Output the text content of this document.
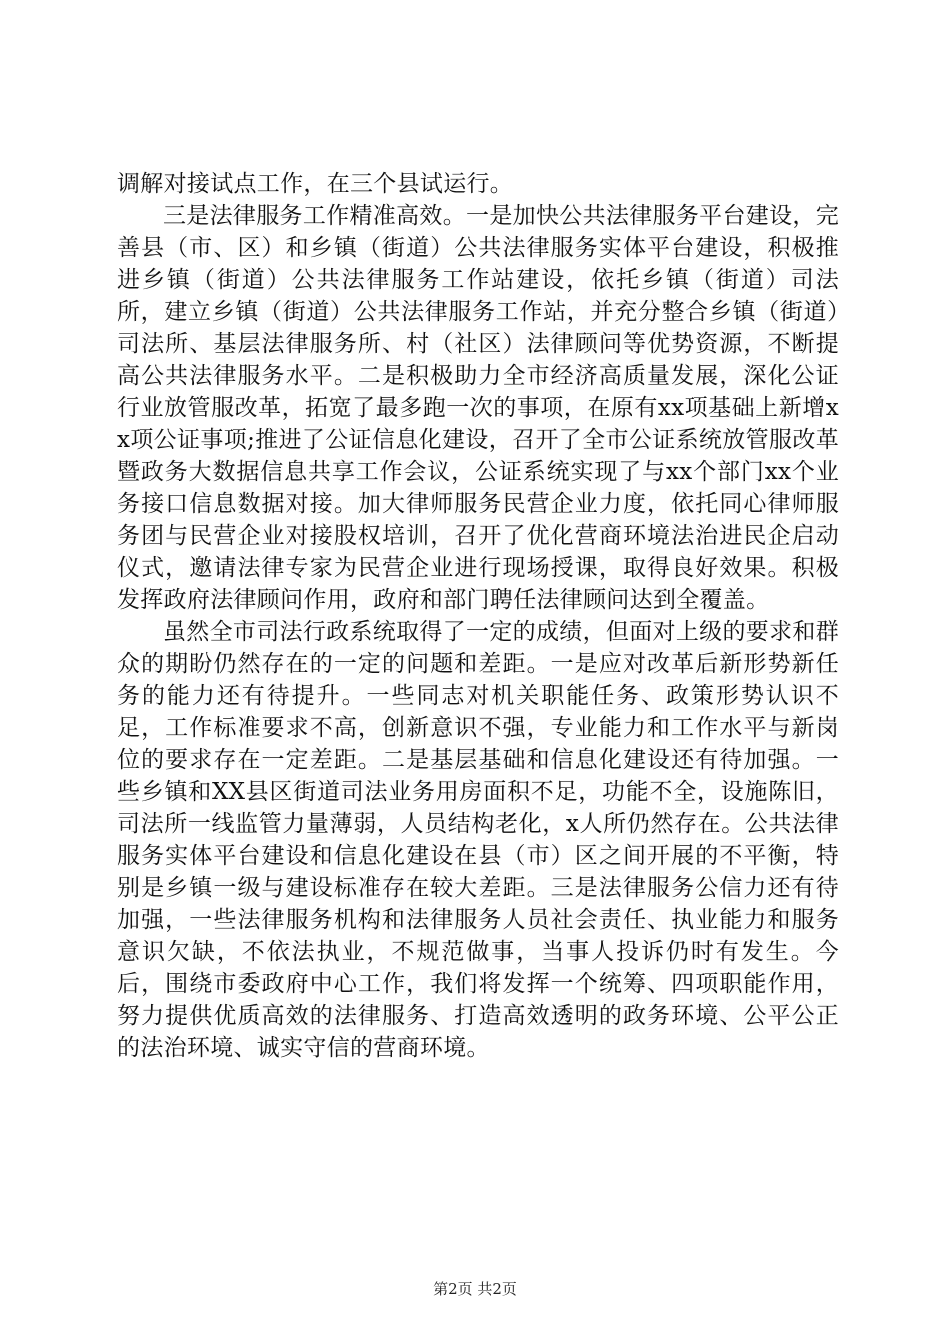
调解对接试点工作，在三个县试运行。

三是法律服务工作精准高效。一是加快公共法律服务平台建设，完善县（市、区）和乡镇（街道）公共法律服务实体平台建设，积极推进乡镇（街道）公共法律服务工作站建设，依托乡镇（街道）司法所，建立乡镇（街道）公共法律服务工作站，并充分整合乡镇（街道）司法所、基层法律服务所、村（社区）法律顾问等优势资源，不断提高公共法律服务水平。二是积极助力全市经济高质量发展，深化公证行业放管服改革，拓宽了最多跑一次的事项，在原有xx项基础上新增xx项公证事项;推进了公证信息化建设，召开了全市公证系统放管服改革暨政务大数据信息共享工作会议，公证系统实现了与xx个部门xx个业务接口信息数据对接。加大律师服务民营企业力度，依托同心律师服务团与民营企业对接股权培训，召开了优化营商环境法治进民企启动仪式，邀请法律专家为民营企业进行现场授课，取得良好效果。积极发挥政府法律顾问作用，政府和部门聘任法律顾问达到全覆盖。

虽然全市司法行政系统取得了一定的成绩，但面对上级的要求和群众的期盼仍然存在的一定的问题和差距。一是应对改革后新形势新任务的能力还有待提升。一些同志对机关职能任务、政策形势认识不足，工作标准要求不高，创新意识不强，专业能力和工作水平与新岗位的要求存在一定差距。二是基层基础和信息化建设还有待加强。一些乡镇和XX县区街道司法业务用房面积不足，功能不全，设施陈旧，司法所一线监管力量薄弱，人员结构老化，x人所仍然存在。公共法律服务实体平台建设和信息化建设在县（市）区之间开展的不平衡，特别是乡镇一级与建设标准存在较大差距。三是法律服务公信力还有待加强，一些法律服务机构和法律服务人员社会责任、执业能力和服务意识欠缺，不依法执业，不规范做事，当事人投诉仍时有发生。今后，围绕市委政府中心工作，我们将发挥一个统筹、四项职能作用，努力提供优质高效的法律服务、打造高效透明的政务环境、公平公正的法治环境、诚实守信的营商环境。

第2页 共2页
